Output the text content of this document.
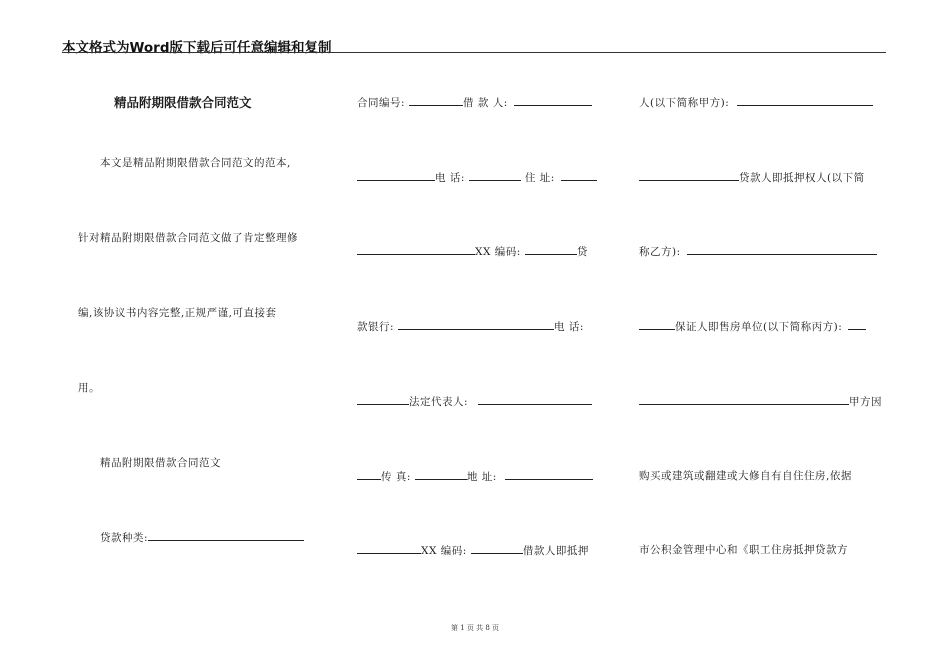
本文格式为Word版下载后可任意编辑和复制
精品附期限借款合同范文
本文是精品附期限借款合同范文的范本,
针对精品附期限借款合同范文做了肯定整理修
编,该协议书内容完整,正规严谨,可直接套
用。
精品附期限借款合同范文
贷款种类:
合同编号:	借 款 人:
电 话:	住 址:
XX 编码:	贷
款银行:	电 话:
法定代表人:
传 真:	地 址:
XX 编码:	借款人即抵押
人(以下简称甲方):
贷款人即抵押权人(以下简
称乙方):
保证人即售房单位(以下简称丙方):
甲方因
购买或建筑或翻建或大修自有自住住房,依据
市公积金管理中心和《职工住房抵押贷款方
第 1 页 共 8 页
